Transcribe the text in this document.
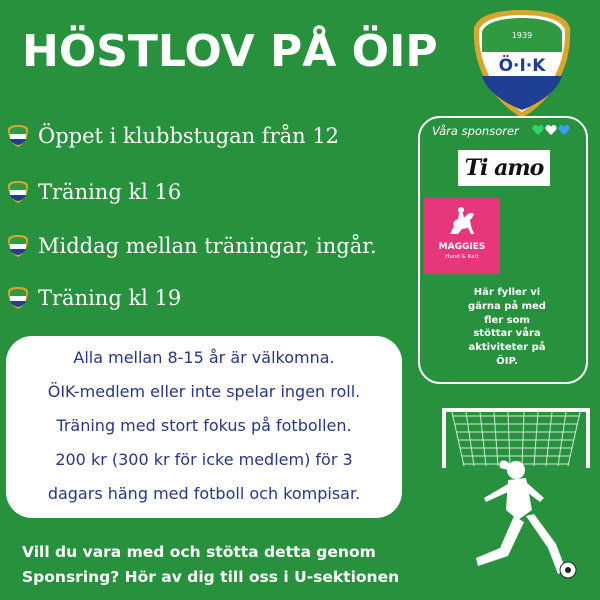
HÖSTLOV PÅ ÖIP	1939
Ö·I·K
Öppet i klubbstugan från 12
Träning kl 16
Middag mellan träningar, ingår.
Träning kl 19

Alla mellan 8-15 år är välkomna.

ÖIK-medlem eller inte spelar ingen roll.

Träning med stort fokus på fotbollen.

200 kr (300 kr för icke medlem) för 3

dagars häng med fotboll och kompisar.

Våra sponsorer
Ti amo
MAGGIES
Hund & Katt
Här fyller vi
gärna på med
fler som
stöttar våra
aktiviteter på
ÖIP.
Vill du vara med och stötta detta genom
Sponsring? Hör av dig till oss i U-sektionen
